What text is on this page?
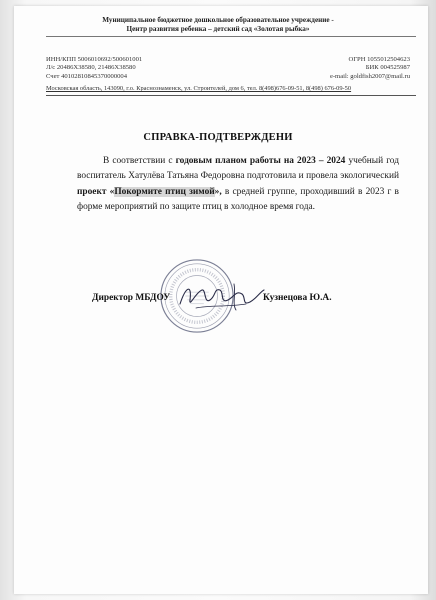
Муниципальное бюджетное дошкольное образовательное учреждение -
Центр развития ребенка – детский сад «Золотая рыбка»
ИНН/КПП 5006010692/500601001
Л/с 20486Х38580, 21486Х38580
Счет 40102810845370000004
ОГРН 1055012504623
БИК 004525987
e-mail: goldfish2007@mail.ru
Московская область, 143090, г.о. Краснознаменск, ул. Строителей, дом 6, тел. 8(498)676-09-51, 8(498) 676-09-50
СПРАВКА-ПОДТВЕРЖДЕНИ

В соответствии с годовым планом работы на 2023 – 2024 учебный год воспитатель Хатулёва Татьяна Федоровна подготовила и провела экологический проект «Покормите птиц зимой», в средней группе, проходивший в 2023 г в форме мероприятий по защите птиц в холодное время года.

Директор МБДОУ	Кузнецова Ю.А.
